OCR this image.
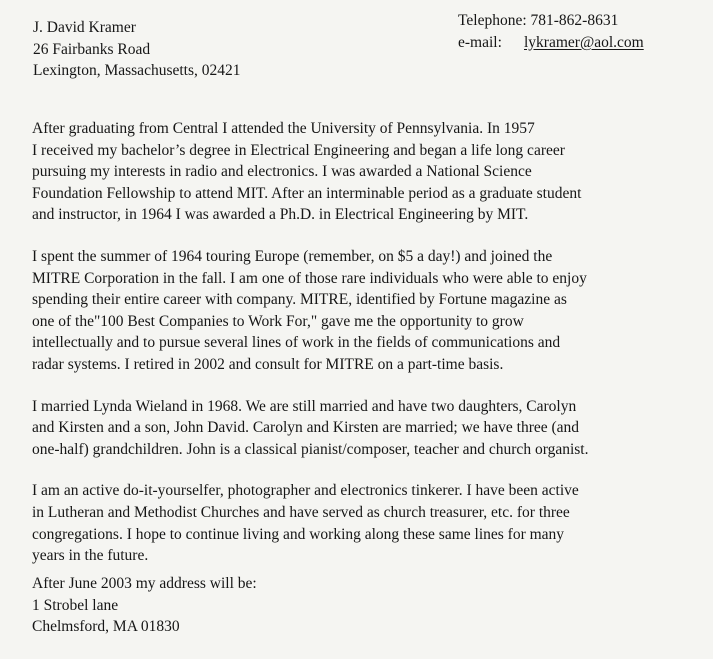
J. David Kramer
26 Fairbanks Road
Lexington, Massachusetts, 02421
Telephone: 781-862-8631
e-mail: lykramer@aol.com
After graduating from Central I attended the University of Pennsylvania. In 1957
I received my bachelor’s degree in Electrical Engineering and began a life long career
pursuing my interests in radio and electronics. I was awarded a National Science
Foundation Fellowship to attend MIT. After an interminable period as a graduate student
and instructor, in 1964 I was awarded a Ph.D. in Electrical Engineering by MIT.
I spent the summer of 1964 touring Europe (remember, on $5 a day!) and joined the
MITRE Corporation in the fall. I am one of those rare individuals who were able to enjoy
spending their entire career with company. MITRE, identified by Fortune magazine as
one of the"100 Best Companies to Work For," gave me the opportunity to grow
intellectually and to pursue several lines of work in the fields of communications and
radar systems. I retired in 2002 and consult for MITRE on a part-time basis.
I married Lynda Wieland in 1968. We are still married and have two daughters, Carolyn
and Kirsten and a son, John David. Carolyn and Kirsten are married; we have three (and
one-half) grandchildren. John is a classical pianist/composer, teacher and church organist.
I am an active do-it-yourselfer, photographer and electronics tinkerer. I have been active
in Lutheran and Methodist Churches and have served as church treasurer, etc. for three
congregations. I hope to continue living and working along these same lines for many
years in the future.
After June 2003 my address will be:
1 Strobel lane
Chelmsford, MA 01830
